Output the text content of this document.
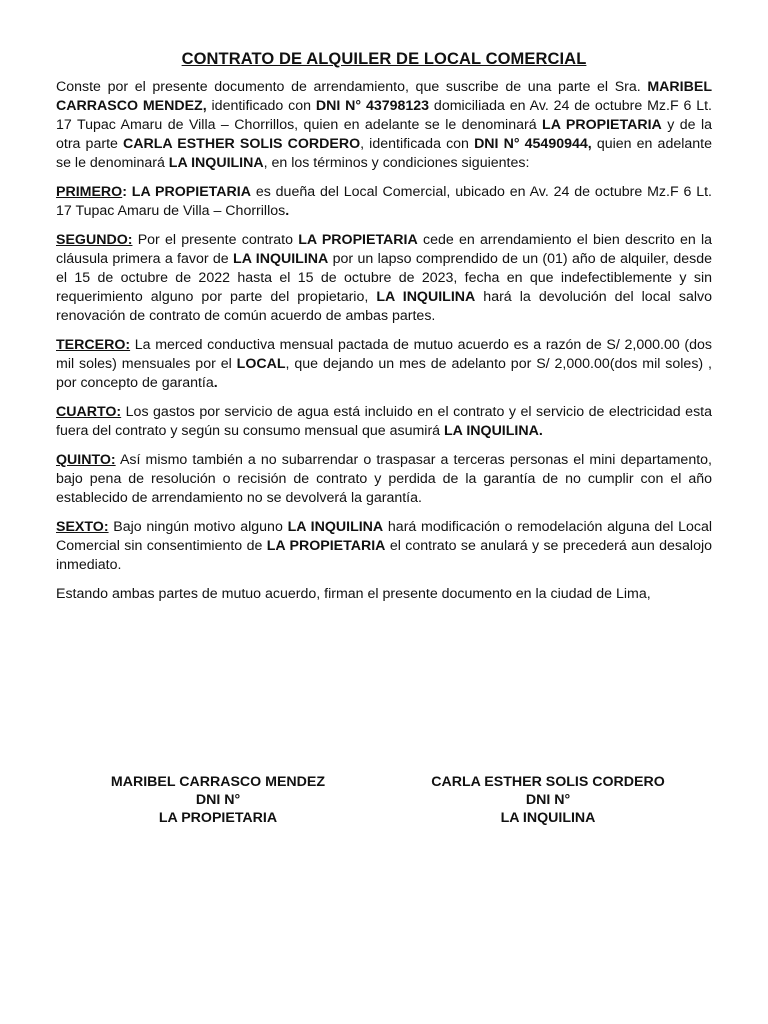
CONTRATO DE ALQUILER DE LOCAL COMERCIAL

Conste por el presente documento de arrendamiento, que suscribe de una parte el Sra. MARIBEL CARRASCO MENDEZ, identificado con DNI N° 43798123 domiciliada en Av. 24 de octubre Mz.F 6 Lt. 17 Tupac Amaru de Villa – Chorrillos, quien en adelante se le denominará LA PROPIETARIA y de la otra parte CARLA ESTHER SOLIS CORDERO, identificada con DNI N° 45490944, quien en adelante se le denominará LA INQUILINA, en los términos y condiciones siguientes:

PRIMERO: LA PROPIETARIA es dueña del Local Comercial, ubicado en Av. 24 de octubre Mz.F 6 Lt. 17 Tupac Amaru de Villa – Chorrillos.

SEGUNDO: Por el presente contrato LA PROPIETARIA cede en arrendamiento el bien descrito en la cláusula primera a favor de LA INQUILINA por un lapso comprendido de un (01) año de alquiler, desde el 15 de octubre de 2022 hasta el 15 de octubre de 2023, fecha en que indefectiblemente y sin requerimiento alguno por parte del propietario, LA INQUILINA hará la devolución del local salvo renovación de contrato de común acuerdo de ambas partes.

TERCERO: La merced conductiva mensual pactada de mutuo acuerdo es a razón de S/ 2,000.00 (dos mil soles) mensuales por el LOCAL, que dejando un mes de adelanto por S/ 2,000.00(dos mil soles) , por concepto de garantía.

CUARTO: Los gastos por servicio de agua está incluido en el contrato y el servicio de electricidad esta fuera del contrato y según su consumo mensual que asumirá LA INQUILINA.

QUINTO: Así mismo también a no subarrendar o traspasar a terceras personas el mini departamento, bajo pena de resolución o recisión de contrato y perdida de la garantía de no cumplir con el año establecido de arrendamiento no se devolverá la garantía.

SEXTO: Bajo ningún motivo alguno LA INQUILINA hará modificación o remodelación alguna del Local Comercial sin consentimiento de LA PROPIETARIA el contrato se anulará y se precederá aun desalojo inmediato.

Estando ambas partes de mutuo acuerdo, firman el presente documento en la ciudad de Lima,

____________________________________
MARIBEL CARRASCO MENDEZ
DNI N°
LA PROPIETARIA
____________________________________
CARLA ESTHER SOLIS CORDERO
DNI N°
LA INQUILINA
